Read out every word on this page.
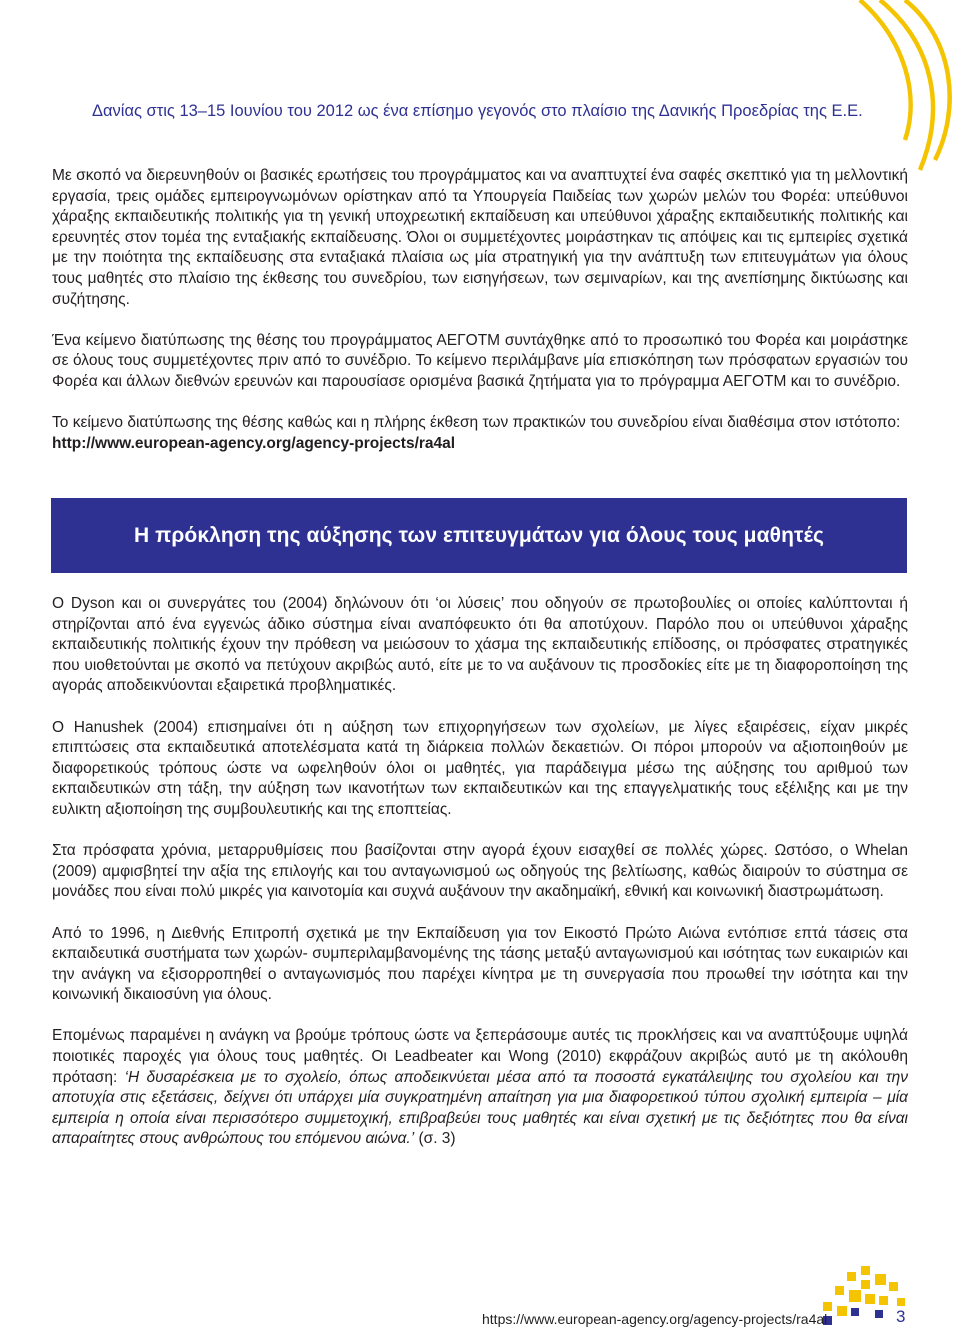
Δανίας στις 13–15 Ιουνίου του 2012 ως ένα επίσημο γεγονός στο πλαίσιο της Δανικής Προεδρίας της Ε.Ε.

Με σκοπό να διερευνηθούν οι βασικές ερωτήσεις του προγράμματος και να αναπτυχτεί ένα σαφές σκεπτικό για τη μελλοντική εργασία, τρεις ομάδες εμπειρογνωμόνων ορίστηκαν από τα Υπουργεία Παιδείας των χωρών μελών του Φορέα: υπεύθυνοι χάραξης εκπαιδευτικής πολιτικής για τη γενική υποχρεωτική εκπαίδευση και υπεύθυνοι χάραξης εκπαιδευτικής πολιτικής και ερευνητές στον τομέα της ενταξιακής εκπαίδευσης. Όλοι οι συμμετέχοντες μοιράστηκαν τις απόψεις και τις εμπειρίες σχετικά με την ποιότητα της εκπαίδευσης στα ενταξιακά πλαίσια ως μία στρατηγική για την ανάπτυξη των επιτευγμάτων για όλους τους μαθητές στο πλαίσιο της έκθεσης του συνεδρίου, των εισηγήσεων, των σεμιναρίων, και της ανεπίσημης δικτύωσης και συζήτησης.

Ένα κείμενο διατύπωσης της θέσης του προγράμματος ΑΕΓΟΤΜ συντάχθηκε από το προσωπικό του Φορέα και μοιράστηκε σε όλους τους συμμετέχοντες πριν από το συνέδριο. Το κείμενο περιλάμβανε μία επισκόπηση των πρόσφατων εργασιών του Φορέα και άλλων διεθνών ερευνών και παρουσίασε ορισμένα βασικά ζητήματα για το πρόγραμμα ΑΕΓΟΤΜ και το συνέδριο.

Το κείμενο διατύπωσης της θέσης καθώς και η πλήρης έκθεση των πρακτικών του συνεδρίου είναι διαθέσιμα στον ιστότοπο: http://www.european-agency.org/agency-projects/ra4al

Η πρόκληση της αύξησης των επιτευγμάτων για όλους τους μαθητές

Ο Dyson και οι συνεργάτες του (2004) δηλώνουν ότι ‘οι λύσεις’ που οδηγούν σε πρωτοβουλίες οι οποίες καλύπτονται ή στηρίζονται από ένα εγγενώς άδικο σύστημα είναι αναπόφευκτο ότι θα αποτύχουν. Παρόλο που οι υπεύθυνοι χάραξης εκπαιδευτικής πολιτικής έχουν την πρόθεση να μειώσουν το χάσμα της εκπαιδευτικής επίδοσης, οι πρόσφατες στρατηγικές που υιοθετούνται με σκοπό να πετύχουν ακριβώς αυτό, είτε με το να αυξάνουν τις προσδοκίες είτε με τη διαφοροποίηση της αγοράς αποδεικνύονται εξαιρετικά προβληματικές.

Ο Hanushek (2004) επισημαίνει ότι η αύξηση των επιχορηγήσεων των σχολείων, με λίγες εξαιρέσεις, είχαν μικρές επιπτώσεις στα εκπαιδευτικά αποτελέσματα κατά τη διάρκεια πολλών δεκαετιών. Οι πόροι μπορούν να αξιοποιηθούν με διαφορετικούς τρόπους ώστε να ωφεληθούν όλοι οι μαθητές, για παράδειγμα μέσω της αύξησης του αριθμού των εκπαιδευτικών στη τάξη, την αύξηση των ικανοτήτων των εκπαιδευτικών και της επαγγελματικής τους εξέλιξης και με την ευλικτη αξιοποίηση της συμβουλευτικής και της εποπτείας.

Στα πρόσφατα χρόνια, μεταρρυθμίσεις που βασίζονται στην αγορά έχουν εισαχθεί σε πολλές χώρες. Ωστόσο, ο Whelan (2009) αμφισβητεί την αξία της επιλογής και του ανταγωνισμού ως οδηγούς της βελτίωσης, καθώς διαιρούν το σύστημα σε μονάδες που είναι πολύ μικρές για καινοτομία και συχνά αυξάνουν την ακαδημαϊκή, εθνική και κοινωνική διαστρωμάτωση.

Από το 1996, η Διεθνής Επιτροπή σχετικά με την Εκπαίδευση για τον Εικοστό Πρώτο Αιώνα εντόπισε επτά τάσεις στα εκπαιδευτικά συστήματα των χωρών- συμπεριλαμβανομένης της τάσης μεταξύ ανταγωνισμού και ισότητας των ευκαιριών και την ανάγκη να εξισορροπηθεί ο ανταγωνισμός που παρέχει κίνητρα με τη συνεργασία που προωθεί την ισότητα και την κοινωνική δικαιοσύνη για όλους.

Επομένως παραμένει η ανάγκη να βρούμε τρόπους ώστε να ξεπεράσουμε αυτές τις προκλήσεις και να αναπτύξουμε υψηλά ποιοτικές παροχές για όλους τους μαθητές. Οι Leadbeater και Wong (2010) εκφράζουν ακριβώς αυτό με τη ακόλουθη πρόταση: ‘Η δυσαρέσκεια με το σχολείο, όπως αποδεικνύεται μέσα από τα ποσοστά εγκατάλειψης του σχολείου και την αποτυχία στις εξετάσεις, δείχνει ότι υπάρχει μία συγκρατημένη απαίτηση για μια διαφορετικού τύπου σχολική εμπειρία – μία εμπειρία η οποία είναι περισσότερο συμμετοχική, επιβραβεύει τους μαθητές και είναι σχετική με τις δεξιότητες που θα είναι απαραίτητες στους ανθρώπους του επόμενου αιώνα.’ (σ. 3)

https://www.european-agency.org/agency-projects/ra4al	3
